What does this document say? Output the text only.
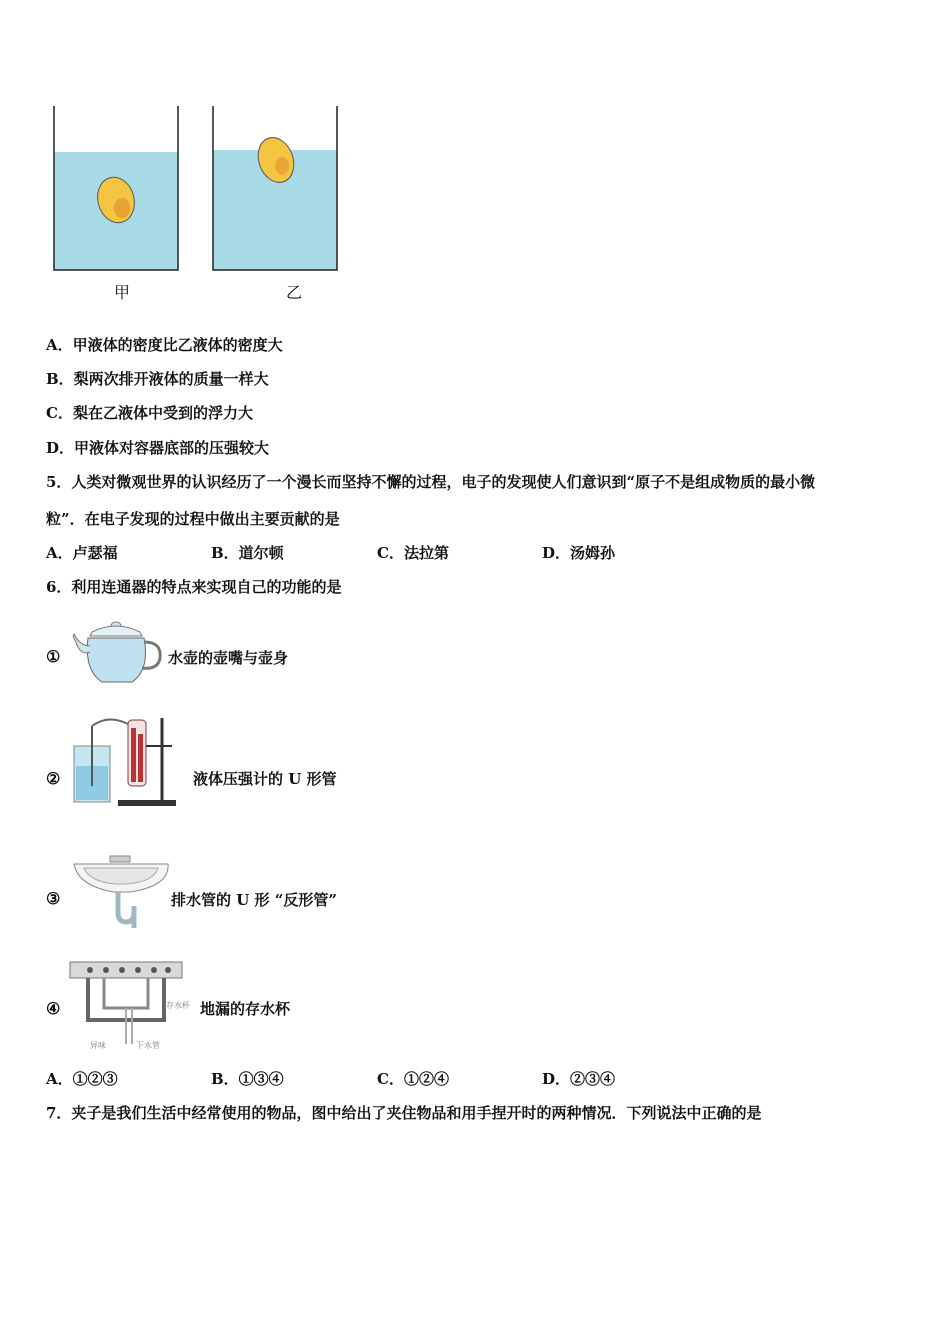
甲	乙
A．甲液体的密度比乙液体的密度大
B．梨两次排开液体的质量一样大
C．梨在乙液体中受到的浮力大
D．甲液体对容器底部的压强较大
5．人类对微观世界的认识经历了一个漫长而坚持不懈的过程，电子的发现使人们意识到“原子不是组成物质的最小微
粒”．在电子发现的过程中做出主要贡献的是
A．卢瑟福	B．道尔顿	C．法拉第	D．汤姆孙
6．利用连通器的特点来实现自己的功能的是
①	水壶的壶嘴与壶身
②	液体压强计的 U 形管
③	排水管的 U 形 “反形管”
④	存水杯
异味	下水管
地漏的存水杯
A．①②③	B．①③④	C．①②④	D．②③④
7．夹子是我们生活中经常使用的物品，图中给出了夹住物品和用手捏开时的两种情况．下列说法中正确的是
